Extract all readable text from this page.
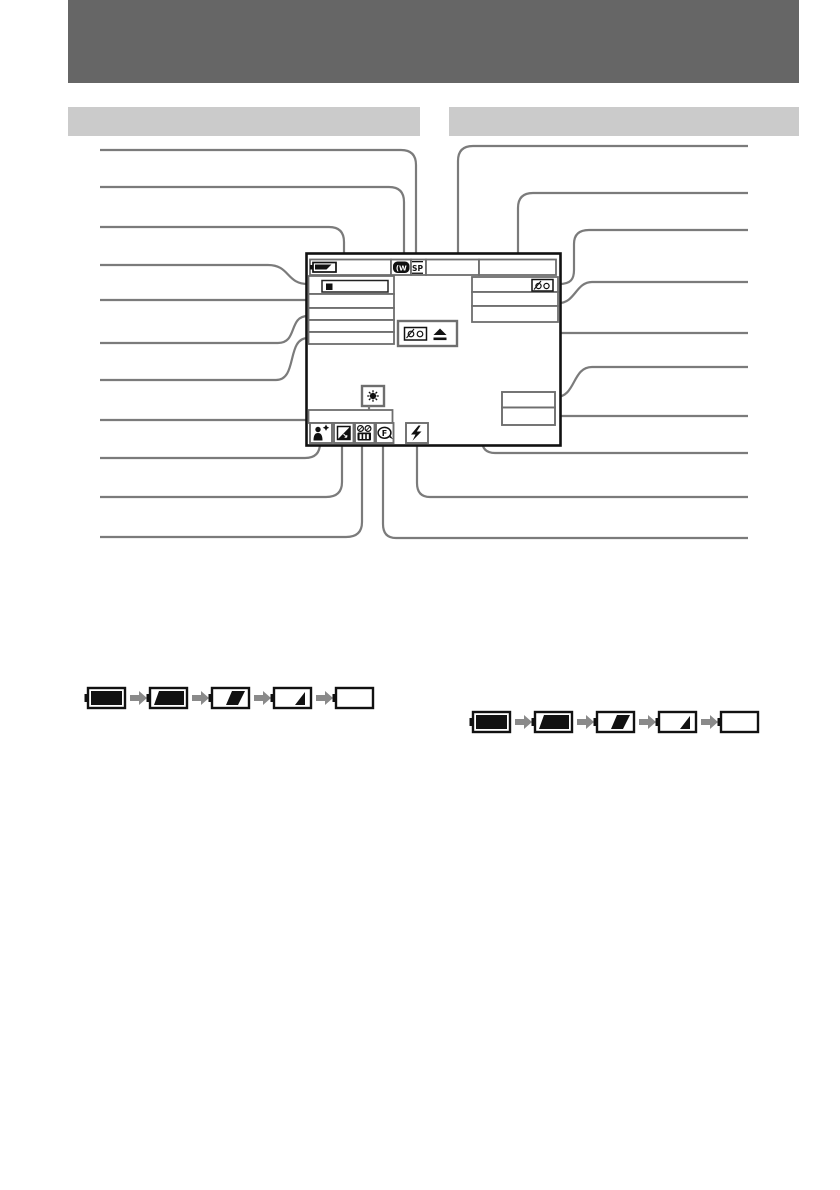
(W SP
F
